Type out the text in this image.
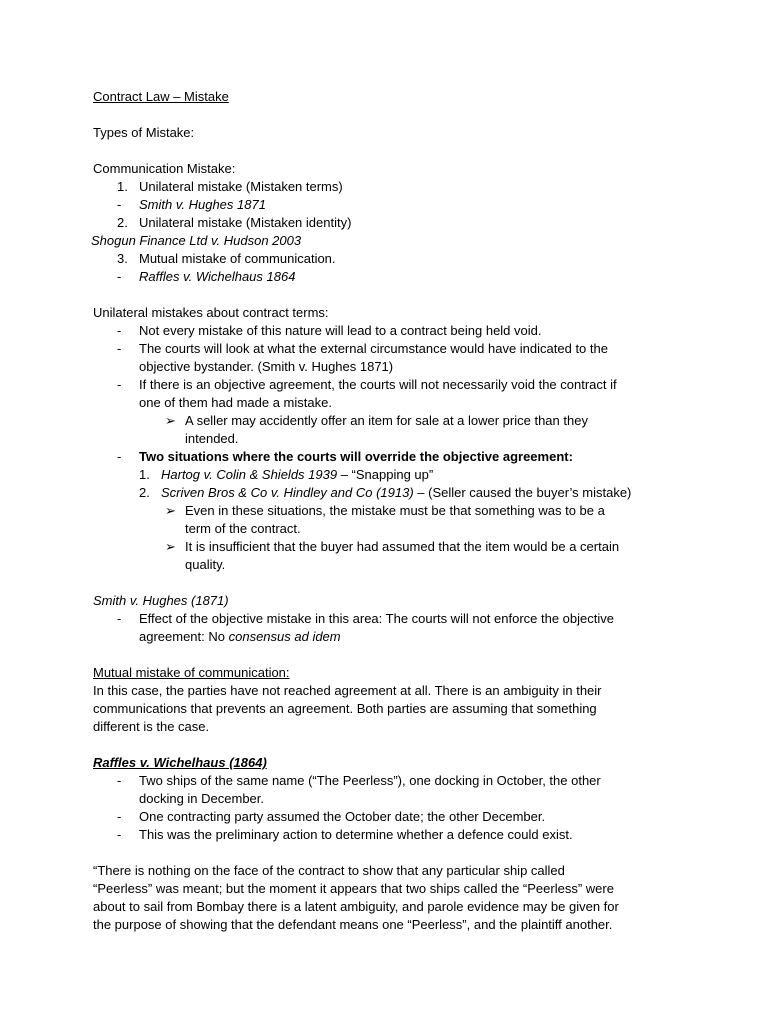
Contract Law – Mistake
Types of Mistake:
Communication Mistake:
1. Unilateral mistake (Mistaken terms)
-	Smith v. Hughes 1871
2. Unilateral mistake (Mistaken identity)
Shogun Finance Ltd v. Hudson 2003
3. Mutual mistake of communication.
-	Raffles v. Wichelhaus 1864
Unilateral mistakes about contract terms:
-	Not every mistake of this nature will lead to a contract being held void.
-	The courts will look at what the external circumstance would have indicated to the
objective bystander. (Smith v. Hughes 1871)
-	If there is an objective agreement, the courts will not necessarily void the contract if
one of them had made a mistake.
➢ A seller may accidently offer an item for sale at a lower price than they
intended.
-	Two situations where the courts will override the objective agreement:
1. Hartog v. Colin & Shields 1939 – “Snapping up”
2. Scriven Bros & Co v. Hindley and Co (1913) – (Seller caused the buyer’s mistake)
➢ Even in these situations, the mistake must be that something was to be a
term of the contract.
➢ It is insufficient that the buyer had assumed that the item would be a certain
quality.
Smith v. Hughes (1871)
-	Effect of the objective mistake in this area: The courts will not enforce the objective
agreement: No consensus ad idem
Mutual mistake of communication:
In this case, the parties have not reached agreement at all. There is an ambiguity in their
communications that prevents an agreement. Both parties are assuming that something
different is the case.
Raffles v. Wichelhaus (1864)
-	Two ships of the same name (“The Peerless”), one docking in October, the other
docking in December.
-	One contracting party assumed the October date; the other December.
-	This was the preliminary action to determine whether a defence could exist.
“There is nothing on the face of the contract to show that any particular ship called
“Peerless” was meant; but the moment it appears that two ships called the “Peerless” were
about to sail from Bombay there is a latent ambiguity, and parole evidence may be given for
the purpose of showing that the defendant means one “Peerless”, and the plaintiff another.
